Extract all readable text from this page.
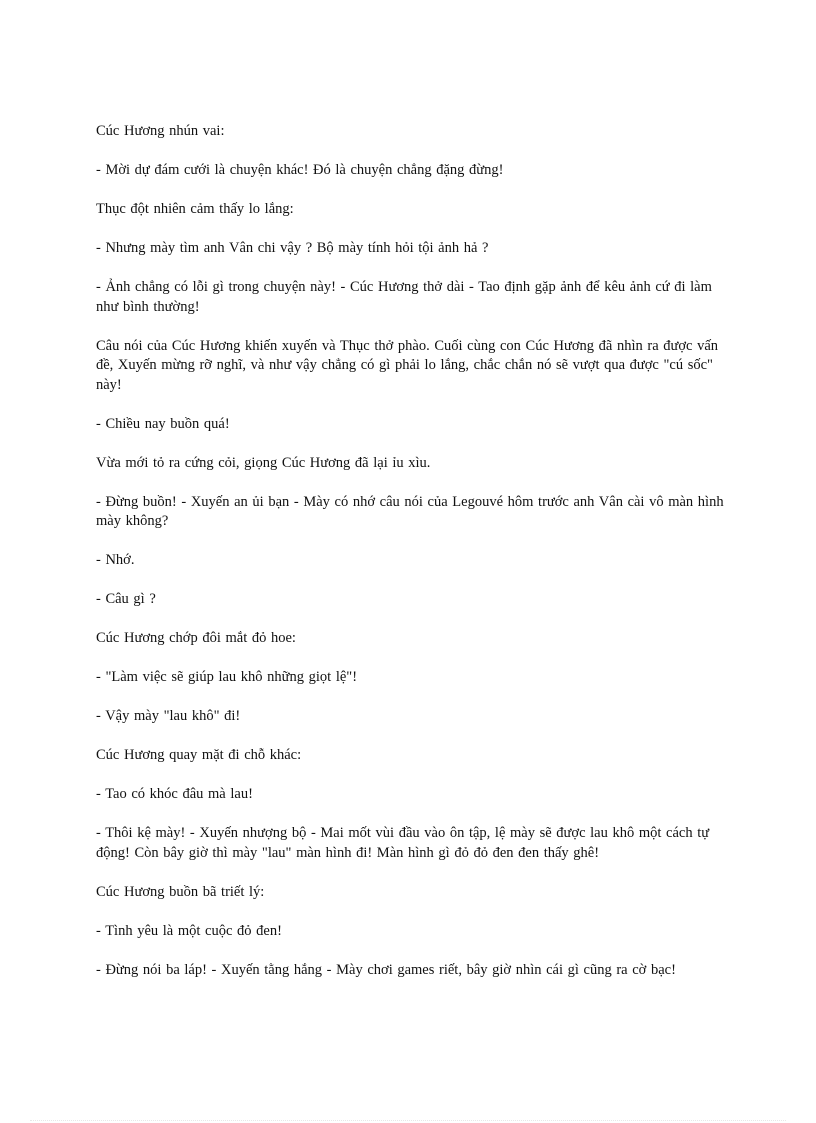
Cúc Hương nhún vai:

- Mời dự đám cưới là chuyện khác! Đó là chuyện chẳng đặng đừng!

Thục đột nhiên cảm thấy lo lắng:

- Nhưng mày tìm anh Vân chi vậy ? Bộ mày tính hỏi tội ảnh hả ?

- Ảnh chẳng có lỗi gì trong chuyện này! - Cúc Hương thở dài - Tao định gặp ảnh để kêu ảnh cứ đi làm như bình thường!

Câu nói của Cúc Hương khiến xuyến và Thục thở phào. Cuối cùng con Cúc Hương đã nhìn ra được vấn đề, Xuyến mừng rỡ nghĩ, và như vậy chẳng có gì phải lo lắng, chắc chắn nó sẽ vượt qua được "cú sốc" này!

- Chiều nay buồn quá!

Vừa mới tỏ ra cứng cỏi, giọng Cúc Hương đã lại ỉu xìu.

- Đừng buồn! - Xuyến an ủi bạn - Mày có nhớ câu nói của Legouvé hôm trước anh Vân cài vô màn hình mày không?

- Nhớ.

- Câu gì ?

Cúc Hương chớp đôi mắt đỏ hoe:

- "Làm việc sẽ giúp lau khô những giọt lệ"!

- Vậy mày "lau khô" đi!

Cúc Hương quay mặt đi chỗ khác:

- Tao có khóc đâu mà lau!

- Thôi kệ mày! - Xuyến nhượng bộ - Mai mốt vùi đầu vào ôn tập, lệ mày sẽ được lau khô một cách tự động! Còn bây giờ thì mày "lau" màn hình đi! Màn hình gì đỏ đỏ đen đen thấy ghê!

Cúc Hương buồn bã triết lý:

- Tình yêu là một cuộc đỏ đen!

- Đừng nói ba láp! - Xuyến tằng hắng - Mày chơi games riết, bây giờ nhìn cái gì cũng ra cờ bạc!
